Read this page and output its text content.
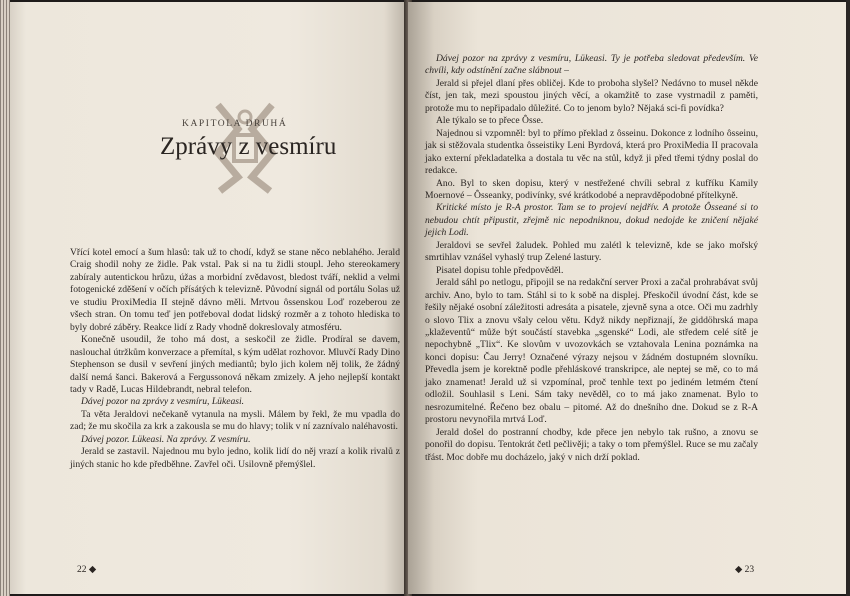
KAPITOLA DRUHÁ
Zprávy z vesmíru

Vřící kotel emocí a šum hlasů: tak už to chodí, když se stane něco neblahého. Jerald Craig shodil nohy ze židle. Pak vstal. Pak si na tu židli stoupl. Jeho stereokamery zabíraly autentickou hrůzu, úžas a morbidní zvědavost, bledost tváří, neklid a velmi fotogenické zděšení v očích přísátých k televizně. Původní signál od portálu Solas už ve studiu ProxiMedia II stejně dávno měli. Mrtvou ôssenskou Loď rozeberou ze všech stran. On tomu teď jen potřeboval dodat lidský rozměr a z tohoto hlediska to byly dobré záběry. Reakce lidí z Rady vhodně dokreslovaly atmosféru.

Konečně usoudil, že toho má dost, a seskočil ze židle. Prodíral se davem, naslouchal útržkům konverzace a přemítal, s kým udělat rozhovor. Mluvčí Rady Dino Stephenson se dusil v sevření jiných mediantů; bylo jich kolem něj tolik, že žádný další nemá šanci. Bakerová a Fergussonová někam zmizely. A jeho nejlepší kontakt tady v Radě, Lucas Hildebrandt, nebral telefon.

Dávej pozor na zprávy z vesmíru, Lükeasi.

Ta věta Jeraldovi nečekaně vytanula na mysli. Málem by řekl, že mu vpadla do zad; že mu skočila za krk a zakousla se mu do hlavy; tolik v ní zaznívalo naléhavosti.

Dávej pozor. Lükeasi. Na zprávy. Z vesmíru.

Jerald se zastavil. Najednou mu bylo jedno, kolik lidí do něj vrazí a kolik rivalů z jiných stanic ho kde předběhne. Zavřel oči. Usilovně přemýšlel.

22 ◆

Dávej pozor na zprávy z vesmíru, Lükeasi. Ty je potřeba sledovat především. Ve chvíli, kdy odstínění začne slábnout –

Jerald si přejel dlaní přes obličej. Kde to proboha slyšel? Nedávno to musel někde číst, jen tak, mezi spoustou jiných věcí, a okamžitě to zase vystrnadil z paměti, protože mu to nepřipadalo důležité. Co to jenom bylo? Nějaká sci-fi povídka?

Ale týkalo se to přece Ôsse.

Najednou si vzpomněl: byl to přímo překlad z ôsseinu. Dokonce z lodního ôsseinu, jak si stěžovala studentka ôsseistiky Leni Byrdová, která pro ProxiMedia II pracovala jako externí překladatelka a dostala tu věc na stůl, když ji před třemi týdny poslal do redakce.

Ano. Byl to sken dopisu, který v nestřežené chvíli sebral z kufříku Kamily Moernové – Ôsseanky, podivínky, své krátkodobé a nepravděpodobné přítelkyně.

Kritické místo je R-A prostor. Tam se to projeví nejdřív. A protože Ôsseané si to nebudou chtít připustit, zřejmě nic nepodniknou, dokud nedojde ke zničení nějaké jejich Lodi.

Jeraldovi se sevřel žaludek. Pohled mu zalétl k televizně, kde se jako mořský smrtihlav vznášel vyhaslý trup Zelené lastury.

Pisatel dopisu tohle předpověděl.

Jerald sáhl po netlogu, připojil se na redakční server Proxi a začal prohrabávat svůj archiv. Ano, bylo to tam. Stáhl si to k sobě na displej. Přeskočil úvodní část, kde se řešily nějaké osobní záležitosti adresáta a pisatele, zjevně syna a otce. Oči mu zadrhly o slovo Tlix a znovu všaly celou větu. Když nikdy nepřiznají, že giddöhrská mapa „klaževentů“ může být součástí stavebka „sgenské“ Lodi, ale středem celé sítě je nepochybně „Tlix“. Ke slovům v uvozovkách se vztahovala Lenina poznámka na konci dopisu: Čau Jerry! Označené výrazy nejsou v žádném dostupném slovníku. Převedla jsem je korektně podle přehláskové transkripce, ale neptej se mě, co to má jako znamenat! Jerald už si vzpomínal, proč tenhle text po jediném letmém čtení odložil. Souhlasil s Leni. Sám taky nevěděl, co to má jako znamenat. Bylo to nesrozumitelné. Řečeno bez obalu – pitomé. Až do dnešního dne. Dokud se z R-A prostoru nevynořila mrtvá Loď.

Jerald došel do postranní chodby, kde přece jen nebylo tak rušno, a znovu se ponořil do dopisu. Tentokrát četl pečlivěji; a taky o tom přemýšlel. Ruce se mu začaly třást. Moc dobře mu docházelo, jaký v nich drží poklad.

◆ 23
